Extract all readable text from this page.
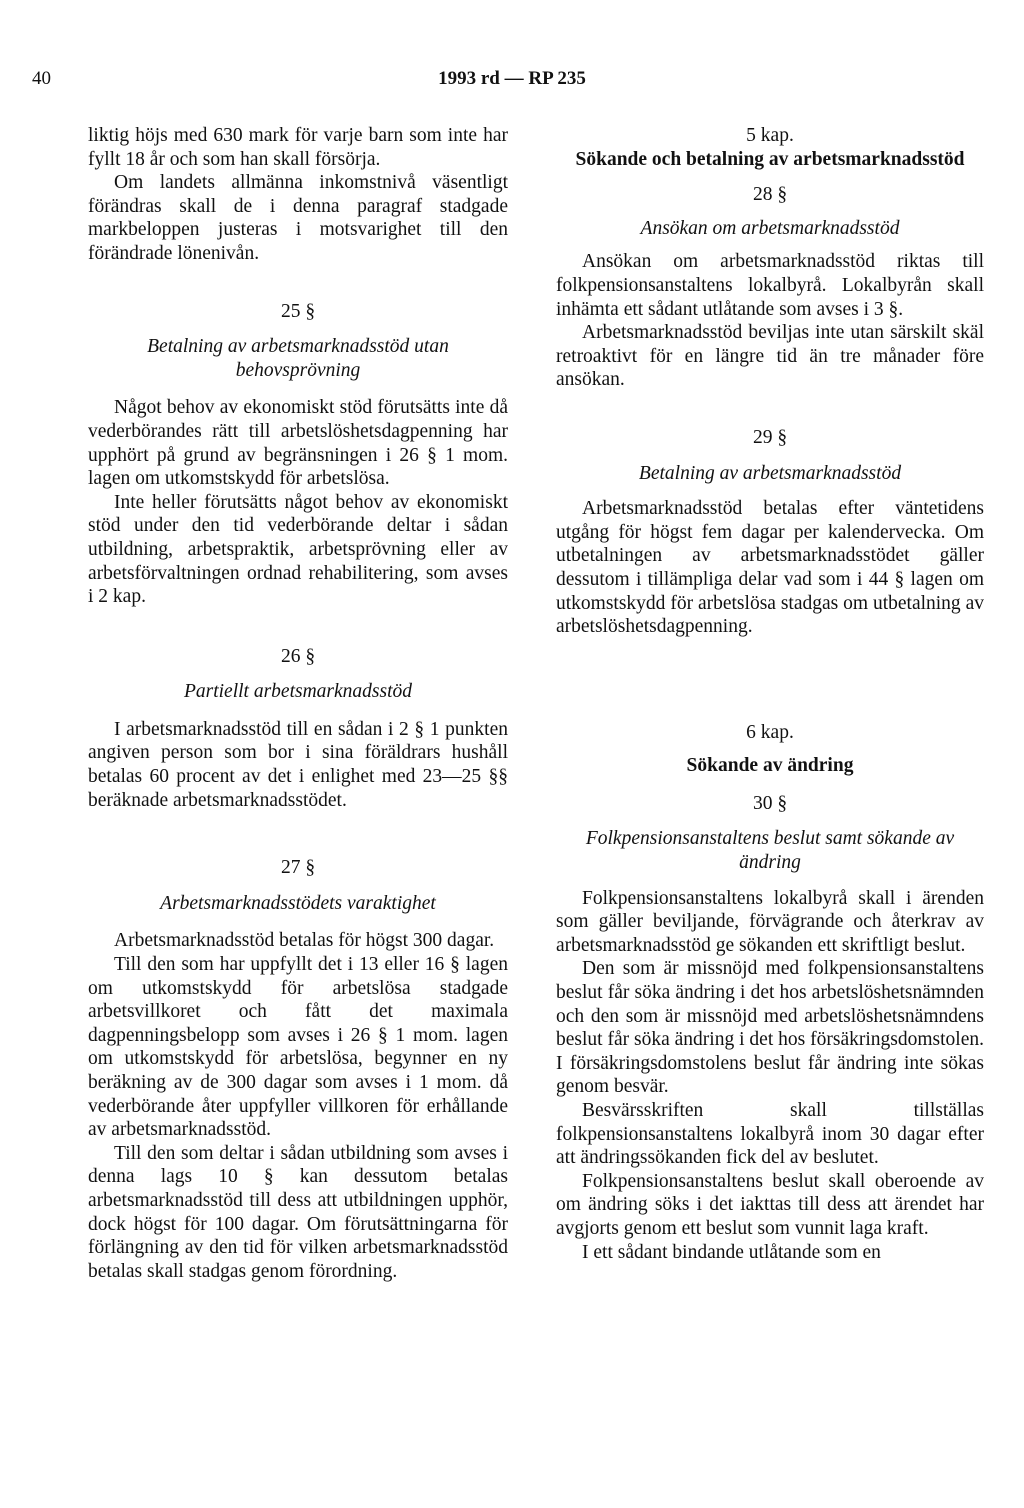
40	1993 rd — RP 235

liktig höjs med 630 mark för varje barn som inte har fyllt 18 år och som han skall försörja.

Om landets allmänna inkomstnivå väsentligt förändras skall de i denna paragraf stadgade markbeloppen justeras i motsvarighet till den förändrade lönenivån.

25 §

Betalning av arbetsmarknadsstöd utan behovsprövning

Något behov av ekonomiskt stöd förutsätts inte då vederbörandes rätt till arbetslöshetsdagpenning har upphört på grund av begränsningen i 26 § 1 mom. lagen om utkomstskydd för arbetslösa.

Inte heller förutsätts något behov av ekonomiskt stöd under den tid vederbörande deltar i sådan utbildning, arbetspraktik, arbetsprövning eller av arbetsförvaltningen ordnad rehabilitering, som avses i 2 kap.

26 §

Partiellt arbetsmarknadsstöd

I arbetsmarknadsstöd till en sådan i 2 § 1 punkten angiven person som bor i sina föräldrars hushåll betalas 60 procent av det i enlighet med 23—25 §§ beräknade arbetsmarknadsstödet.

27 §

Arbetsmarknadsstödets varaktighet

Arbetsmarknadsstöd betalas för högst 300 dagar.

Till den som har uppfyllt det i 13 eller 16 § lagen om utkomstskydd för arbetslösa stadgade arbetsvillkoret och fått det maximala dagpenningsbelopp som avses i 26 § 1 mom. lagen om utkomstskydd för arbetslösa, begynner en ny beräkning av de 300 dagar som avses i 1 mom. då vederbörande åter uppfyller villkoren för erhållande av arbetsmarknadsstöd.

Till den som deltar i sådan utbildning som avses i denna lags 10 § kan dessutom betalas arbetsmarknadsstöd till dess att utbildningen upphör, dock högst för 100 dagar. Om förutsättningarna för förlängning av den tid för vilken arbetsmarknadsstöd betalas skall stadgas genom förordning.

5 kap.

Sökande och betalning av arbetsmarknadsstöd

28 §

Ansökan om arbetsmarknadsstöd

Ansökan om arbetsmarknadsstöd riktas till folkpensionsanstaltens lokalbyrå. Lokalbyrån skall inhämta ett sådant utlåtande som avses i 3 §.

Arbetsmarknadsstöd beviljas inte utan särskilt skäl retroaktivt för en längre tid än tre månader före ansökan.

29 §

Betalning av arbetsmarknadsstöd

Arbetsmarknadsstöd betalas efter väntetidens utgång för högst fem dagar per kalendervecka. Om utbetalningen av arbetsmarknadsstödet gäller dessutom i tillämpliga delar vad som i 44 § lagen om utkomstskydd för arbetslösa stadgas om utbetalning av arbetslöshetsdagpenning.

6 kap.

Sökande av ändring

30 §

Folkpensionsanstaltens beslut samt sökande av ändring

Folkpensionsanstaltens lokalbyrå skall i ärenden som gäller beviljande, förvägrande och återkrav av arbetsmarknadsstöd ge sökanden ett skriftligt beslut.

Den som är missnöjd med folkpensionsanstaltens beslut får söka ändring i det hos arbetslöshetsnämnden och den som är missnöjd med arbetslöshetsnämndens beslut får söka ändring i det hos försäkringsdomstolen. I försäkringsdomstolens beslut får ändring inte sökas genom besvär.

Besvärsskriften skall tillställas folkpensionsanstaltens lokalbyrå inom 30 dagar efter att ändringssökanden fick del av beslutet.

Folkpensionsanstaltens beslut skall oberoende av om ändring söks i det iakttas till dess att ärendet har avgjorts genom ett beslut som vunnit laga kraft.

I ett sådant bindande utlåtande som en
